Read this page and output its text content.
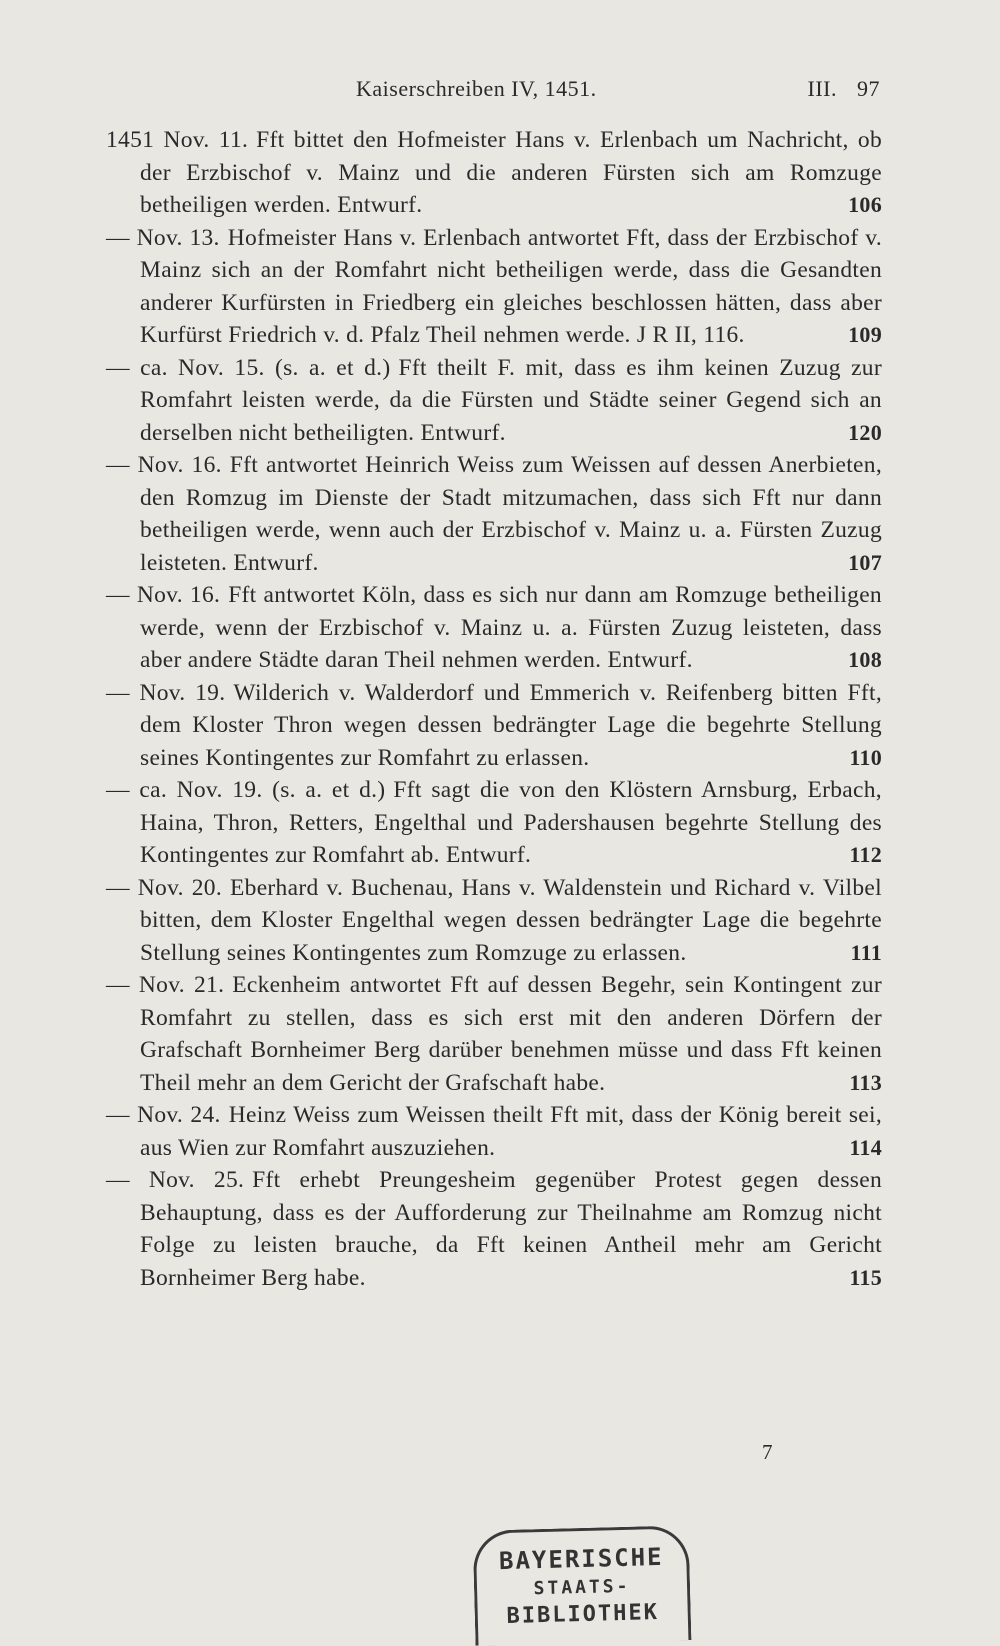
Kaiserschreiben IV, 1451.	III. 97
1451 Nov. 11. Fft bittet den Hofmeister Hans v. Erlenbach um Nachricht, ob der Erzbischof v. Mainz und die anderen Fürsten sich am Romzuge betheiligen werden. Entwurf.	106
— Nov. 13. Hofmeister Hans v. Erlenbach antwortet Fft, dass der Erzbischof v. Mainz sich an der Romfahrt nicht betheiligen werde, dass die Gesandten anderer Kurfürsten in Friedberg ein gleiches beschlossen hätten, dass aber Kurfürst Friedrich v. d. Pfalz Theil nehmen werde. J R II, 116.	109
— ca. Nov. 15. (s. a. et d.) Fft theilt F. mit, dass es ihm keinen Zuzug zur Romfahrt leisten werde, da die Fürsten und Städte seiner Gegend sich an derselben nicht betheiligten. Entwurf.	120
— Nov. 16. Fft antwortet Heinrich Weiss zum Weissen auf dessen Anerbieten, den Romzug im Dienste der Stadt mitzumachen, dass sich Fft nur dann betheiligen werde, wenn auch der Erzbischof v. Mainz u. a. Fürsten Zuzug leisteten. Entwurf.	107
— Nov. 16. Fft antwortet Köln, dass es sich nur dann am Romzuge betheiligen werde, wenn der Erzbischof v. Mainz u. a. Fürsten Zuzug leisteten, dass aber andere Städte daran Theil nehmen werden. Entwurf.	108
— Nov. 19. Wilderich v. Walderdorf und Emmerich v. Reifenberg bitten Fft, dem Kloster Thron wegen dessen bedrängter Lage die begehrte Stellung seines Kontingentes zur Romfahrt zu erlassen.	110
— ca. Nov. 19. (s. a. et d.) Fft sagt die von den Klöstern Arnsburg, Erbach, Haina, Thron, Retters, Engelthal und Padershausen begehrte Stellung des Kontingentes zur Romfahrt ab. Entwurf.	112
— Nov. 20. Eberhard v. Buchenau, Hans v. Waldenstein und Richard v. Vilbel bitten, dem Kloster Engelthal wegen dessen bedrängter Lage die begehrte Stellung seines Kontingentes zum Romzuge zu erlassen.	111
— Nov. 21. Eckenheim antwortet Fft auf dessen Begehr, sein Kontingent zur Romfahrt zu stellen, dass es sich erst mit den anderen Dörfern der Grafschaft Bornheimer Berg darüber benehmen müsse und dass Fft keinen Theil mehr an dem Gericht der Grafschaft habe.	113
— Nov. 24. Heinz Weiss zum Weissen theilt Fft mit, dass der König bereit sei, aus Wien zur Romfahrt auszuziehen.	114
— Nov. 25. Fft erhebt Preungesheim gegenüber Protest gegen dessen Behauptung, dass es der Aufforderung zur Theilnahme am Romzug nicht Folge zu leisten brauche, da Fft keinen Antheil mehr am Gericht Bornheimer Berg habe.	115
7
BAYERISCHE
STAATS-
BIBLIOTHEK
